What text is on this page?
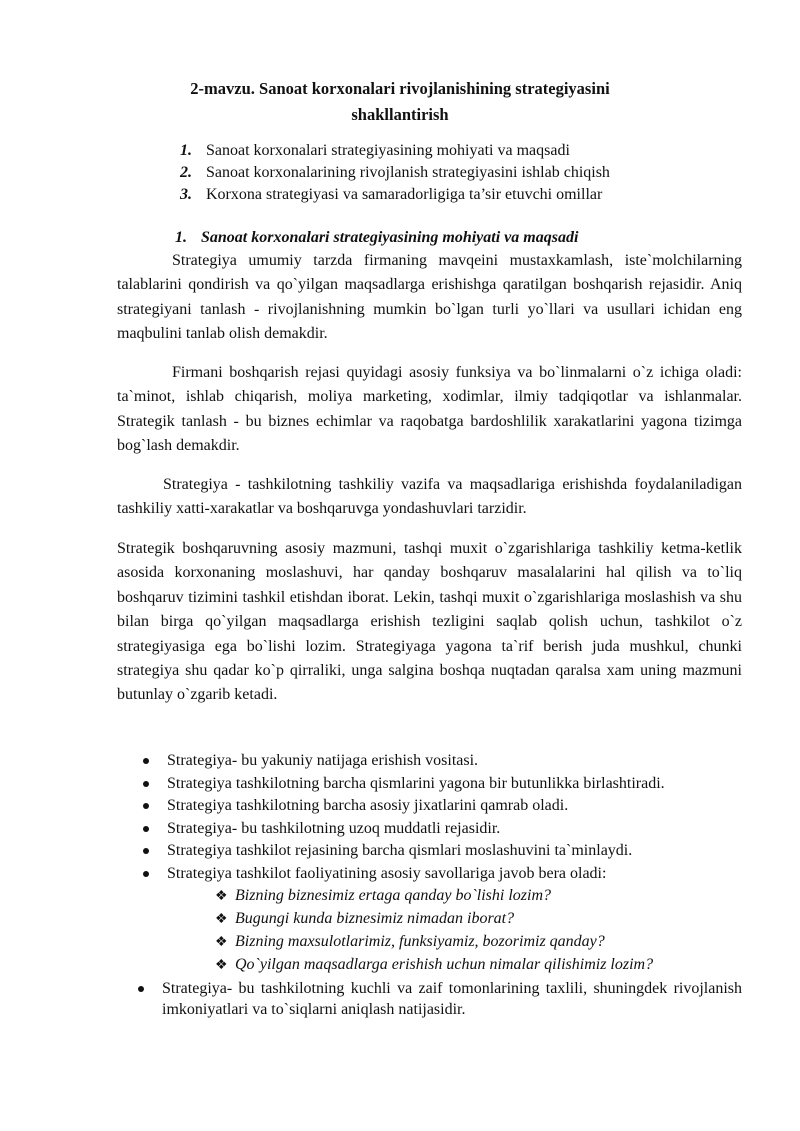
2-mavzu. Sanoat korxonalari rivojlanishining strategiyasini
shakllantirish
1. Sanoat korxonalari strategiyasining mohiyati va maqsadi
2. Sanoat korxonalarining rivojlanish strategiyasini ishlab chiqish
3. Korxona strategiyasi va samaradorligiga ta’sir etuvchi omillar
1. Sanoat korxonalari strategiyasining mohiyati va maqsadi
Strategiya umumiy tarzda firmaning mavqeini mustaxkamlash, iste`molchilarning talablarini qondirish va qo`yilgan maqsadlarga erishishga qaratilgan boshqarish rejasidir. Aniq strategiyani tanlash - rivojlanishning mumkin bo`lgan turli yo`llari va usullari ichidan eng maqbulini tanlab olish demakdir.
Firmani boshqarish rejasi quyidagi asosiy funksiya va bo`linmalarni o`z ichiga oladi: ta`minot, ishlab chiqarish, moliya marketing, xodimlar, ilmiy tadqiqotlar va ishlanmalar. Strategik tanlash - bu biznes echimlar va raqobatga bardoshlilik xarakatlarini yagona tizimga bog`lash demakdir.
Strategiya - tashkilotning tashkiliy vazifa va maqsadlariga erishishda foydalaniladigan tashkiliy xatti-xarakatlar va boshqaruvga yondashuvlari tarzidir.
Strategik boshqaruvning asosiy mazmuni, tashqi muxit o`zgarishlariga tashkiliy ketma-ketlik asosida korxonaning moslashuvi, har qanday boshqaruv masalalarini hal qilish va to`liq boshqaruv tizimini tashkil etishdan iborat. Lekin, tashqi muxit o`zgarishlariga moslashish va shu bilan birga qo`yilgan maqsadlarga erishish tezligini saqlab qolish uchun, tashkilot o`z strategiyasiga ega bo`lishi lozim. Strategiyaga yagona ta`rif berish juda mushkul, chunki strategiya shu qadar ko`p qirraliki, unga salgina boshqa nuqtadan qaralsa xam uning mazmuni butunlay o`zgarib ketadi.
Strategiya- bu yakuniy natijaga erishish vositasi.
Strategiya tashkilotning barcha qismlarini yagona bir butunlikka birlashtiradi.
Strategiya tashkilotning barcha asosiy jixatlarini qamrab oladi.
Strategiya- bu tashkilotning uzoq muddatli rejasidir.
Strategiya tashkilot rejasining barcha qismlari moslashuvini ta`minlaydi.
Strategiya tashkilot faoliyatining asosiy savollariga javob bera oladi:
❖ Bizning biznesimiz ertaga qanday bo`lishi lozim?
❖ Bugungi kunda biznesimiz nimadan iborat?
❖ Bizning maxsulotlarimiz, funksiyamiz, bozorimiz qanday?
❖ Qo`yilgan maqsadlarga erishish uchun nimalar qilishimiz lozim?
Strategiya- bu tashkilotning kuchli va zaif tomonlarining taxlili, shuningdek rivojlanish imkoniyatlari va to`siqlarni aniqlash natijasidir.
